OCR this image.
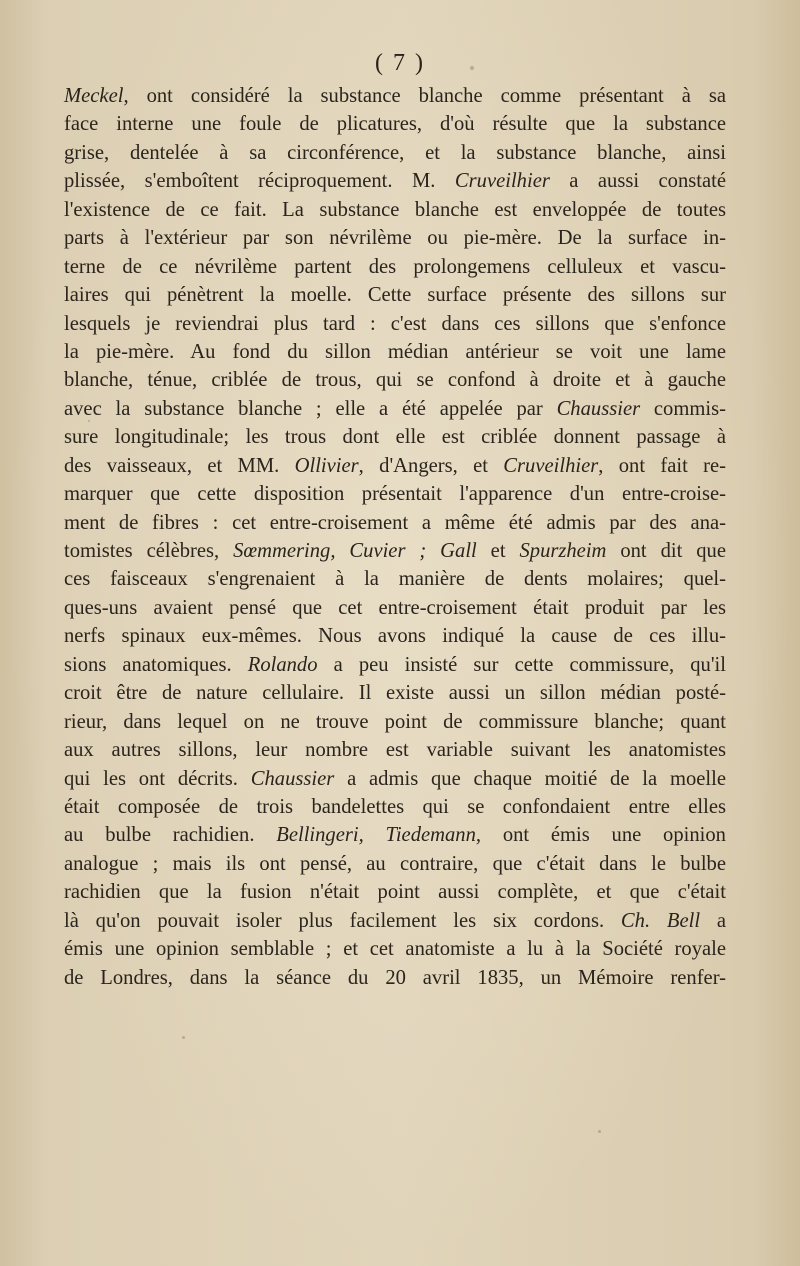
( 7 )
Meckel, ont considéré la substance blanche comme présentant à sa
face interne une foule de plicatures, d'où résulte que la substance
grise, dentelée à sa circonférence, et la substance blanche, ainsi
plissée, s'emboîtent réciproquement. M. Cruveilhier a aussi constaté
l'existence de ce fait. La substance blanche est enveloppée de toutes
parts à l'extérieur par son névrilème ou pie-mère. De la surface in-
terne de ce névrilème partent des prolongemens celluleux et vascu-
laires qui pénètrent la moelle. Cette surface présente des sillons sur
lesquels je reviendrai plus tard : c'est dans ces sillons que s'enfonce
la pie-mère. Au fond du sillon médian antérieur se voit une lame
blanche, ténue, criblée de trous, qui se confond à droite et à gauche
avec la substance blanche ; elle a été appelée par Chaussier commis-
sure longitudinale; les trous dont elle est criblée donnent passage à
des vaisseaux, et MM. Ollivier, d'Angers, et Cruveilhier, ont fait re-
marquer que cette disposition présentait l'apparence d'un entre-croise-
ment de fibres : cet entre-croisement a même été admis par des ana-
tomistes célèbres, Sœmmering, Cuvier ; Gall et Spurzheim ont dit que
ces faisceaux s'engrenaient à la manière de dents molaires; quel-
ques-uns avaient pensé que cet entre-croisement était produit par les
nerfs spinaux eux-mêmes. Nous avons indiqué la cause de ces illu-
sions anatomiques. Rolando a peu insisté sur cette commissure, qu'il
croit être de nature cellulaire. Il existe aussi un sillon médian posté-
rieur, dans lequel on ne trouve point de commissure blanche; quant
aux autres sillons, leur nombre est variable suivant les anatomistes
qui les ont décrits. Chaussier a admis que chaque moitié de la moelle
était composée de trois bandelettes qui se confondaient entre elles
au bulbe rachidien. Bellingeri, Tiedemann, ont émis une opinion
analogue ; mais ils ont pensé, au contraire, que c'était dans le bulbe
rachidien que la fusion n'était point aussi complète, et que c'était
là qu'on pouvait isoler plus facilement les six cordons. Ch. Bell a
émis une opinion semblable ; et cet anatomiste a lu à la Société royale
de Londres, dans la séance du 20 avril 1835, un Mémoire renfer-
